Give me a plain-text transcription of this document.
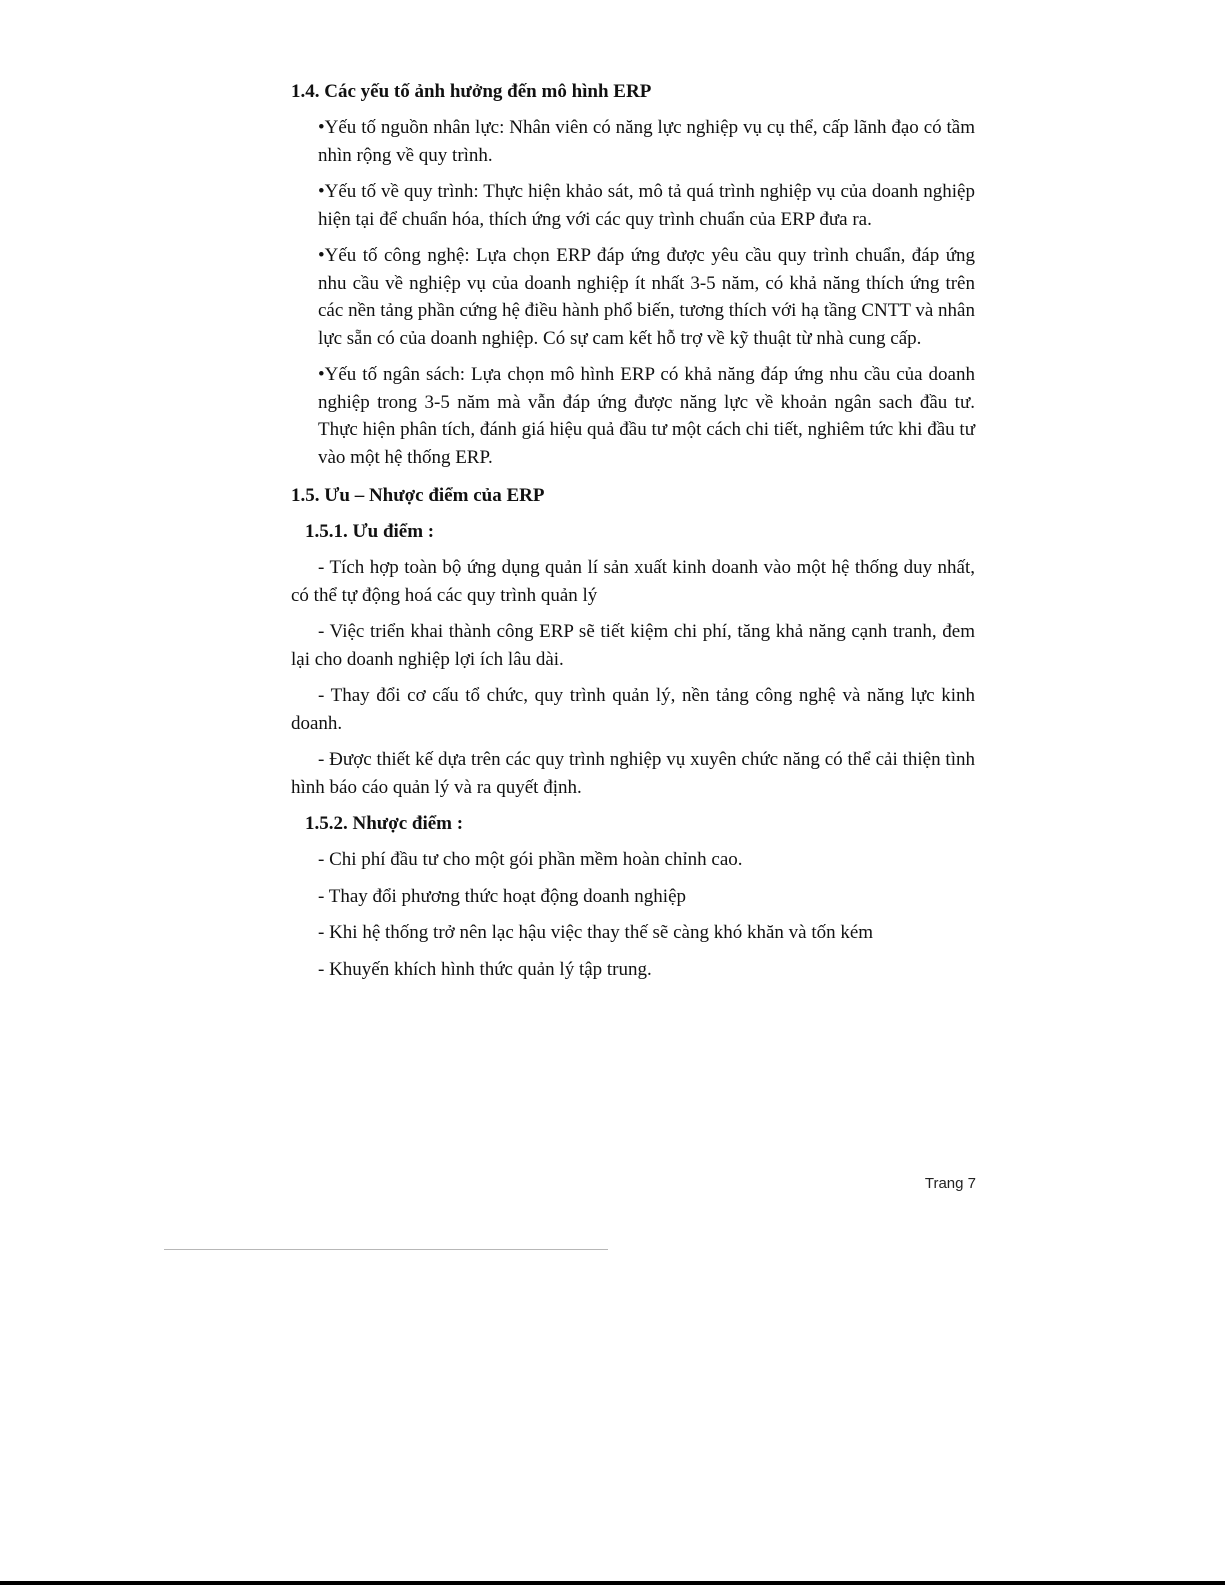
1.4. Các yếu tố ảnh hưởng đến mô hình ERP

•Yếu tố nguồn nhân lực: Nhân viên có năng lực nghiệp vụ cụ thể, cấp lãnh đạo có tầm nhìn rộng về quy trình.

•Yếu tố về quy trình: Thực hiện khảo sát, mô tả quá trình nghiệp vụ của doanh nghiệp hiện tại để chuẩn hóa, thích ứng với các quy trình chuẩn của ERP đưa ra.

•Yếu tố công nghệ: Lựa chọn ERP đáp ứng được yêu cầu quy trình chuẩn, đáp ứng nhu cầu về nghiệp vụ của doanh nghiệp ít nhất 3-5 năm, có khả năng thích ứng trên các nền tảng phần cứng hệ điều hành phổ biến, tương thích với hạ tầng CNTT và nhân lực sẵn có của doanh nghiệp. Có sự cam kết hỗ trợ về kỹ thuật từ nhà cung cấp.

•Yếu tố ngân sách: Lựa chọn mô hình ERP có khả năng đáp ứng nhu cầu của doanh nghiệp trong 3-5 năm mà vẫn đáp ứng được năng lực về khoản ngân sach đầu tư. Thực hiện phân tích, đánh giá hiệu quả đầu tư một cách chi tiết, nghiêm tức khi đầu tư vào một hệ thống ERP.

1.5. Ưu – Nhược điểm của ERP
1.5.1. Ưu điểm :

- Tích hợp toàn bộ ứng dụng quản lí sản xuất kinh doanh vào một hệ thống duy nhất, có thể tự động hoá các quy trình quản lý

- Việc triển khai thành công ERP sẽ tiết kiệm chi phí, tăng khả năng cạnh tranh, đem lại cho doanh nghiệp lợi ích lâu dài.

- Thay đổi cơ cấu tổ chức, quy trình quản lý, nền tảng công nghệ và năng lực kinh doanh.

- Được thiết kế dựa trên các quy trình nghiệp vụ xuyên chức năng có thể cải thiện tình hình báo cáo quản lý và ra quyết định.

1.5.2. Nhược điểm :

- Chi phí đầu tư cho một gói phần mềm hoàn chỉnh cao.

- Thay đổi phương thức hoạt động doanh nghiệp

- Khi hệ thống trở nên lạc hậu việc thay thế sẽ càng khó khăn và tốn kém

- Khuyến khích hình thức quản lý tập trung.

Trang 7
